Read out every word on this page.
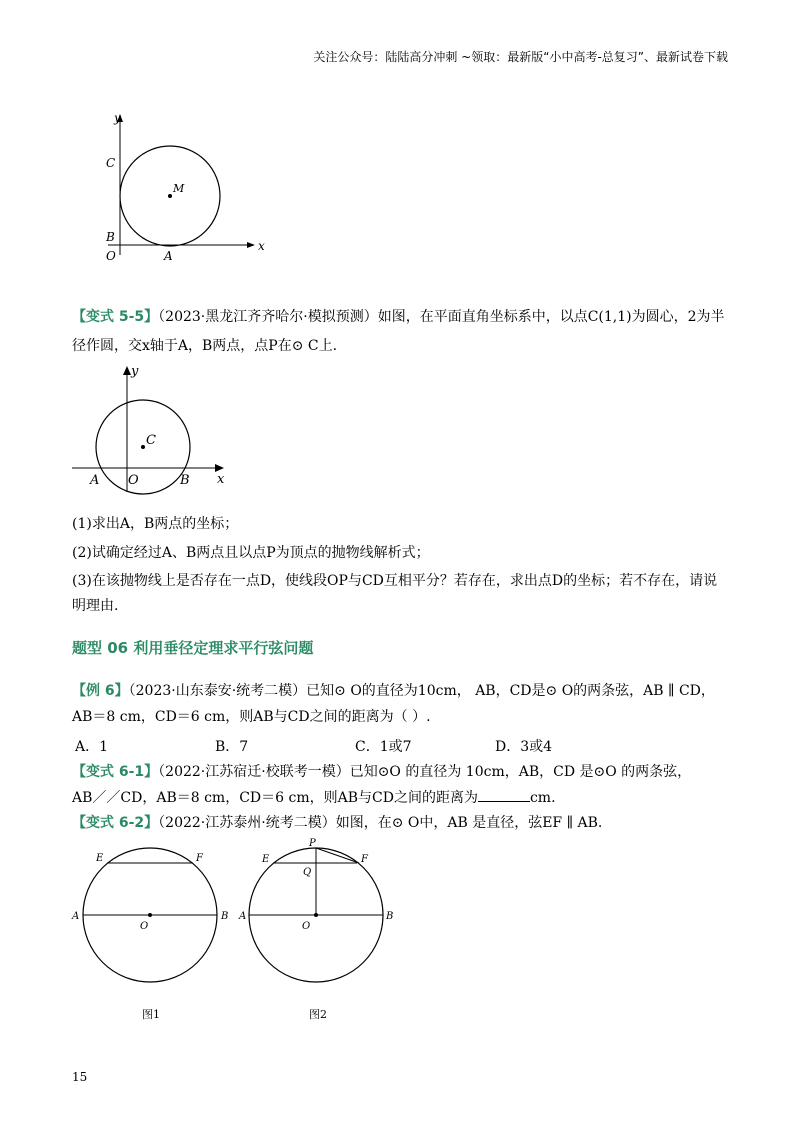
关注公众号：陆陆高分冲刺 ~领取：最新版“小中高考-总复习”、最新试卷下载
y
x
C
M
B
O	A
【变式 5-5】（2023·黑龙江齐齐哈尔·模拟预测）如图，在平面直角坐标系中，以点C(1,1)为圆心，2为半
径作圆，交x轴于A，B两点，点P在⊙ C上.
y
x
C
A O	B
(1)求出A，B两点的坐标；
(2)试确定经过A、B两点且以点P为顶点的抛物线解析式；
(3)在该抛物线上是否存在一点D，使线段OP与CD互相平分？若存在，求出点D的坐标；若不存在，请说
明理由.
题型 06 利用垂径定理求平行弦问题
【例 6】（2023·山东泰安·统考二模）已知⊙ O的直径为10cm， AB，CD是⊙ O的两条弦，AB ∥ CD，
AB＝8 cm，CD＝6 cm，则AB与CD之间的距离为（ ）.
A．1	B．7	C．1或7	D．3或4
【变式 6-1】（2022·江苏宿迁·校联考一模）已知⊙O 的直径为 10cm，AB，CD 是⊙O 的两条弦，
AB／／CD，AB＝8 cm，CD＝6 cm，则AB与CD之间的距离为	cm.
【变式 6-2】（2022·江苏泰州·统考二模）如图，在⊙ O中，AB 是直径，弦EF ∥ AB.
E	F
A
O
B
图1
P
E	F
Q
A
O
B
图2
15
